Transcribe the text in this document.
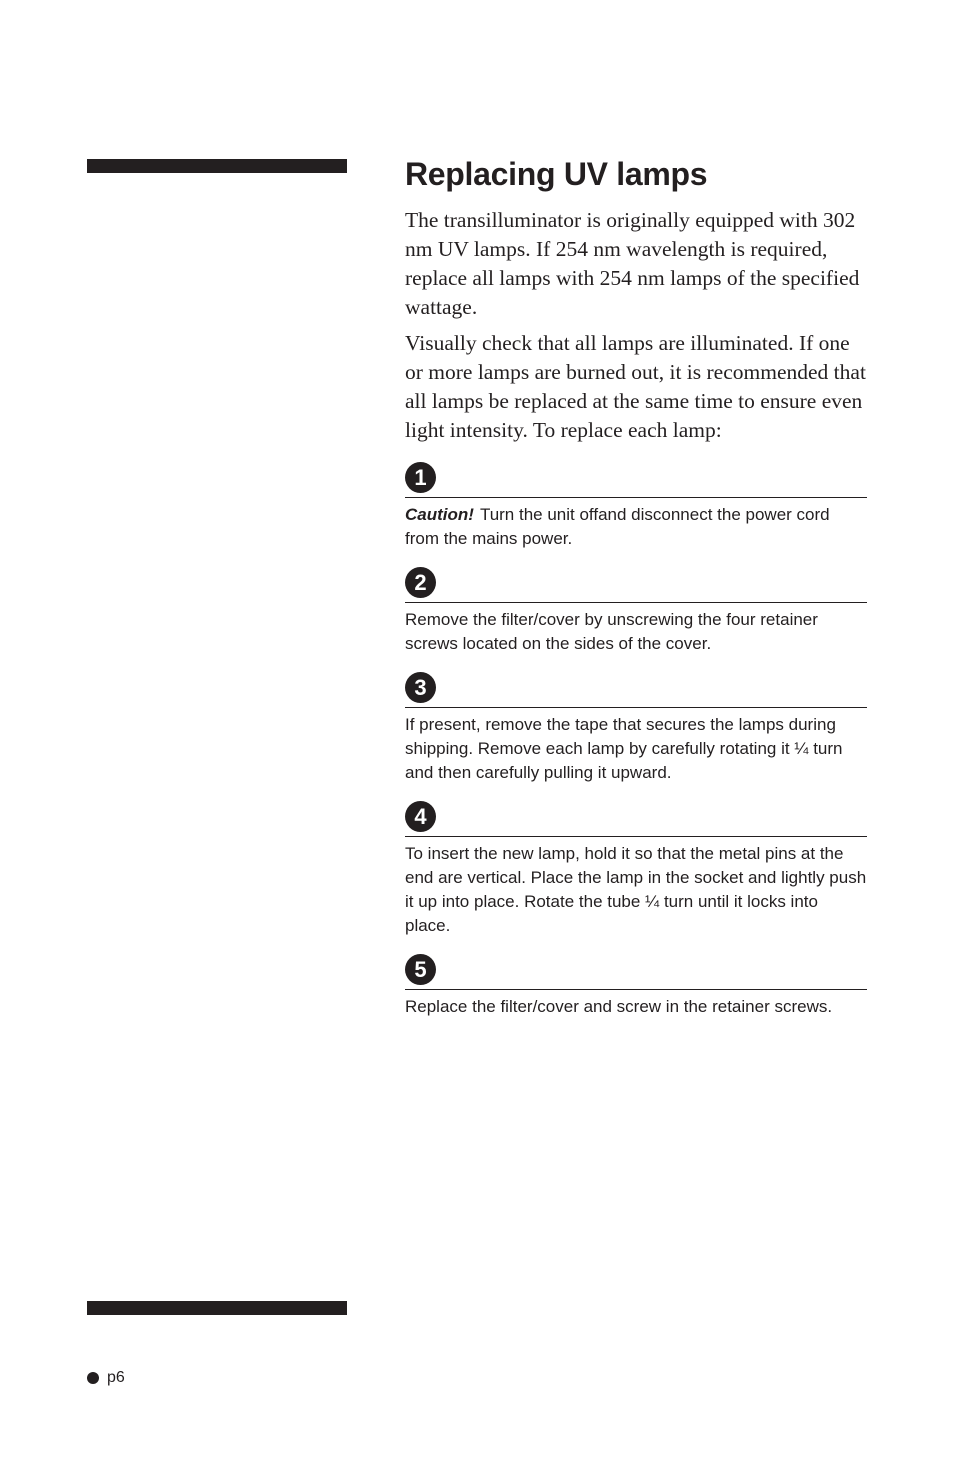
Replacing UV lamps

The transilluminator is originally equipped with 302 nm UV lamps. If 254 nm wavelength is required, replace all lamps with 254 nm lamps of the specified wattage.

Visually check that all lamps are illuminated. If one or more lamps are burned out, it is recommended that all lamps be replaced at the same time to ensure even light intensity. To replace each lamp:

1
Caution! Turn the unit offand disconnect the power cord from the mains power.
2
Remove the filter/cover by unscrewing the four retainer screws located on the sides of the cover.
3
If present, remove the tape that secures the lamps during shipping. Remove each lamp by carefully rotating it ¼ turn and then carefully pulling it upward.
4
To insert the new lamp, hold it so that the metal pins at the end are vertical. Place the lamp in the socket and lightly push it up into place. Rotate the tube ¼ turn until it locks into place.
5
Replace the filter/cover and screw in the retainer screws.
p6
